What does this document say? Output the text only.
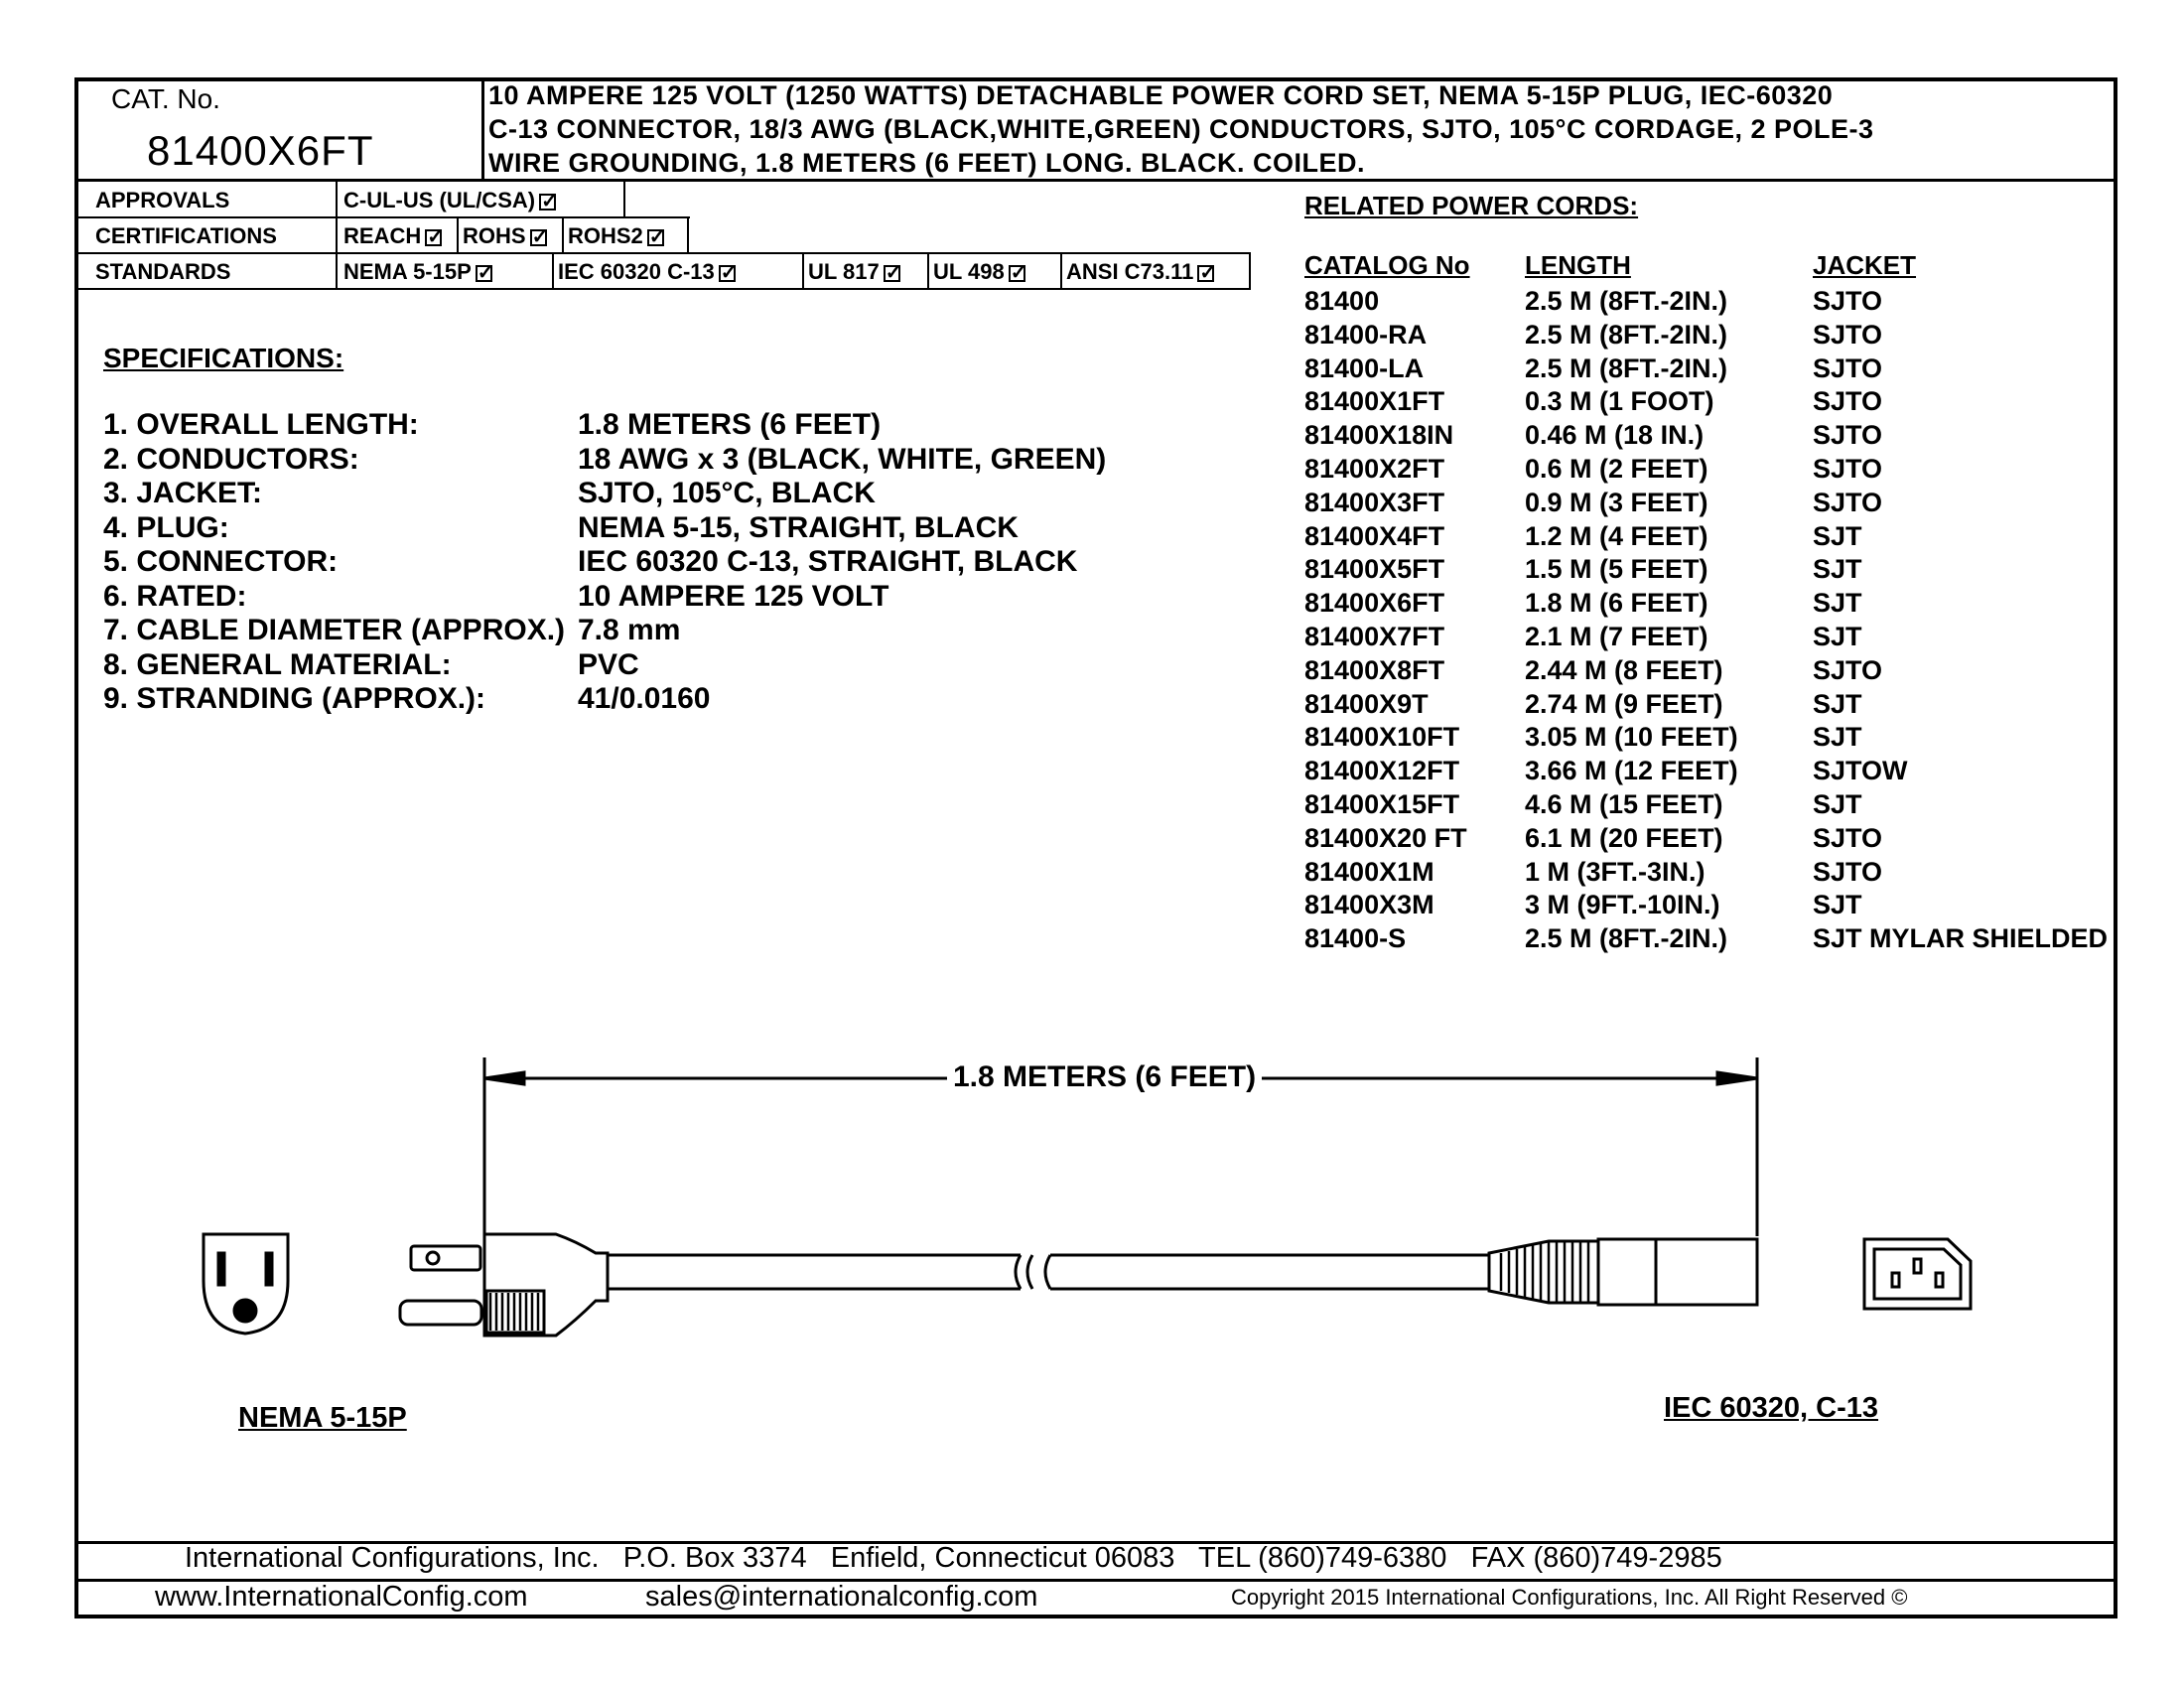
CAT. No.
81400X6FT
10 AMPERE 125 VOLT (1250 WATTS) DETACHABLE POWER CORD SET, NEMA 5-15P PLUG, IEC-60320
C-13 CONNECTOR, 18/3 AWG (BLACK,WHITE,GREEN) CONDUCTORS, SJTO, 105°C CORDAGE, 2 POLE-3
WIRE GROUNDING, 1.8 METERS (6 FEET) LONG. BLACK. COILED.
APPROVALS	C-UL-US (UL/CSA)✓
CERTIFICATIONS	REACH ✓	ROHS ✓	ROHS2✓
STANDARDS	NEMA 5-15P ✓	IEC 60320 C-13 ✓	UL 817 ✓	UL 498 ✓	ANSI C73.11✓
SPECIFICATIONS:
1. OVERALL LENGTH:	1.8 METERS (6 FEET)
2. CONDUCTORS:	18 AWG x 3 (BLACK, WHITE, GREEN)
3. JACKET:	SJTO, 105°C, BLACK
4. PLUG:	NEMA 5-15, STRAIGHT, BLACK
5. CONNECTOR:	IEC 60320 C-13, STRAIGHT, BLACK
6. RATED:	10 AMPERE 125 VOLT
7. CABLE DIAMETER (APPROX.) 7.8 mm
8. GENERAL MATERIAL:	PVC
9. STRANDING (APPROX.):	41/0.0160
RELATED POWER CORDS:
CATALOG No LENGTH	JACKET
81400	2.5 M (8FT.-2IN.)	SJTO
81400-RA	2.5 M (8FT.-2IN.)	SJTO
81400-LA	2.5 M (8FT.-2IN.)	SJTO
81400X1FT	0.3 M (1 FOOT)	SJTO
81400X18IN	0.46 M (18 IN.)	SJTO
81400X2FT	0.6 M (2 FEET)	SJTO
81400X3FT	0.9 M (3 FEET)	SJTO
81400X4FT	1.2 M (4 FEET)	SJT
81400X5FT	1.5 M (5 FEET)	SJT
81400X6FT	1.8 M (6 FEET)	SJT
81400X7FT	2.1 M (7 FEET)	SJT
81400X8FT	2.44 M (8 FEET)	SJTO
81400X9T	2.74 M (9 FEET)	SJT
81400X10FT 3.05 M (10 FEET)	SJT
81400X12FT 3.66 M (12 FEET)	SJTOW
81400X15FT 4.6 M (15 FEET)	SJT
81400X20 FT 6.1 M (20 FEET)	SJTO
81400X1M	1 M (3FT.-3IN.)	SJTO
81400X3M	3 M (9FT.-10IN.)	SJT
81400-S	2.5 M (8FT.-2IN.)	SJT MYLAR SHIELDED
1.8 METERS (6 FEET)
NEMA 5-15P	IEC 60320, C-13
International Configurations, Inc.   P.O. Box 3374   Enfield, Connecticut 06083   TEL (860)749-6380   FAX (860)749-2985
www.InternationalConfig.com	sales@internationalconfig.com	Copyright 2015 International Configurations, Inc. All Right Reserved ©
